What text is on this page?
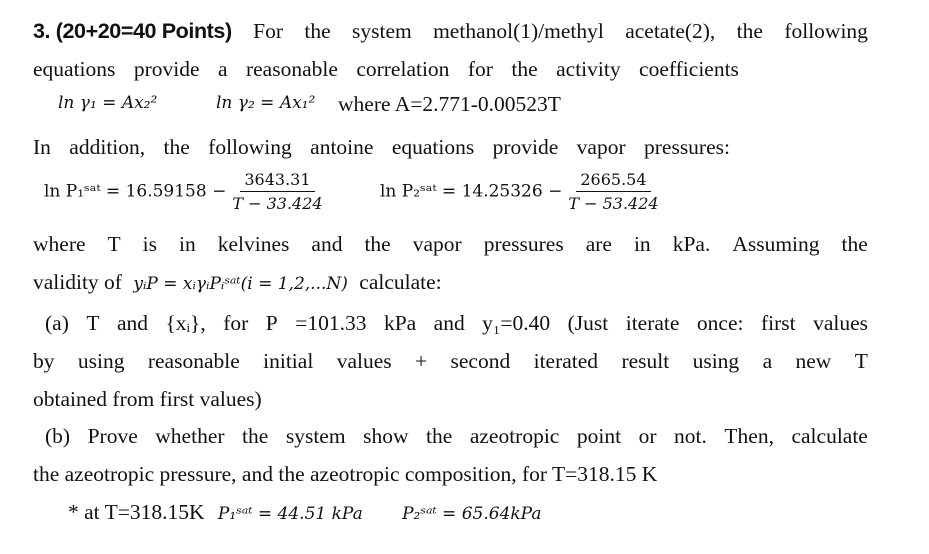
3. (20+20=40 Points) For the system methanol(1)/methyl acetate(2), the following
equations provide a reasonable correlation for the activity coefficients
ln γ₁ = Ax₂²	ln γ₂ = Ax₁² where A=2.771-0.00523T
In addition, the following antoine equations provide vapor pressures:
ln P₁ˢᵃᵗ = $16.59158 - \frac{3643.31}{T - 33.424}$	ln P₂ˢᵃᵗ = $14.25326 - \frac{2665.54}{T - 53.424}$
where T is in kelvines and the vapor pressures are in kPa. Assuming the
validity of yᵢP = xᵢγᵢPᵢˢᵃᵗ(i = 1,2,...N) calculate:
(a) T and {xᵢ}, for P =101.33 kPa and y₁=0.40 (Just iterate once: first values
by using reasonable initial values + second iterated result using a new T
obtained from first values)
(b) Prove whether the system show the azeotropic point or not. Then, calculate
the azeotropic pressure, and the azeotropic composition, for T=318.15 K
* at T=318.15K P₁ˢᵃᵗ = 44.51 kPa P₂ˢᵃᵗ = 65.64kPa
